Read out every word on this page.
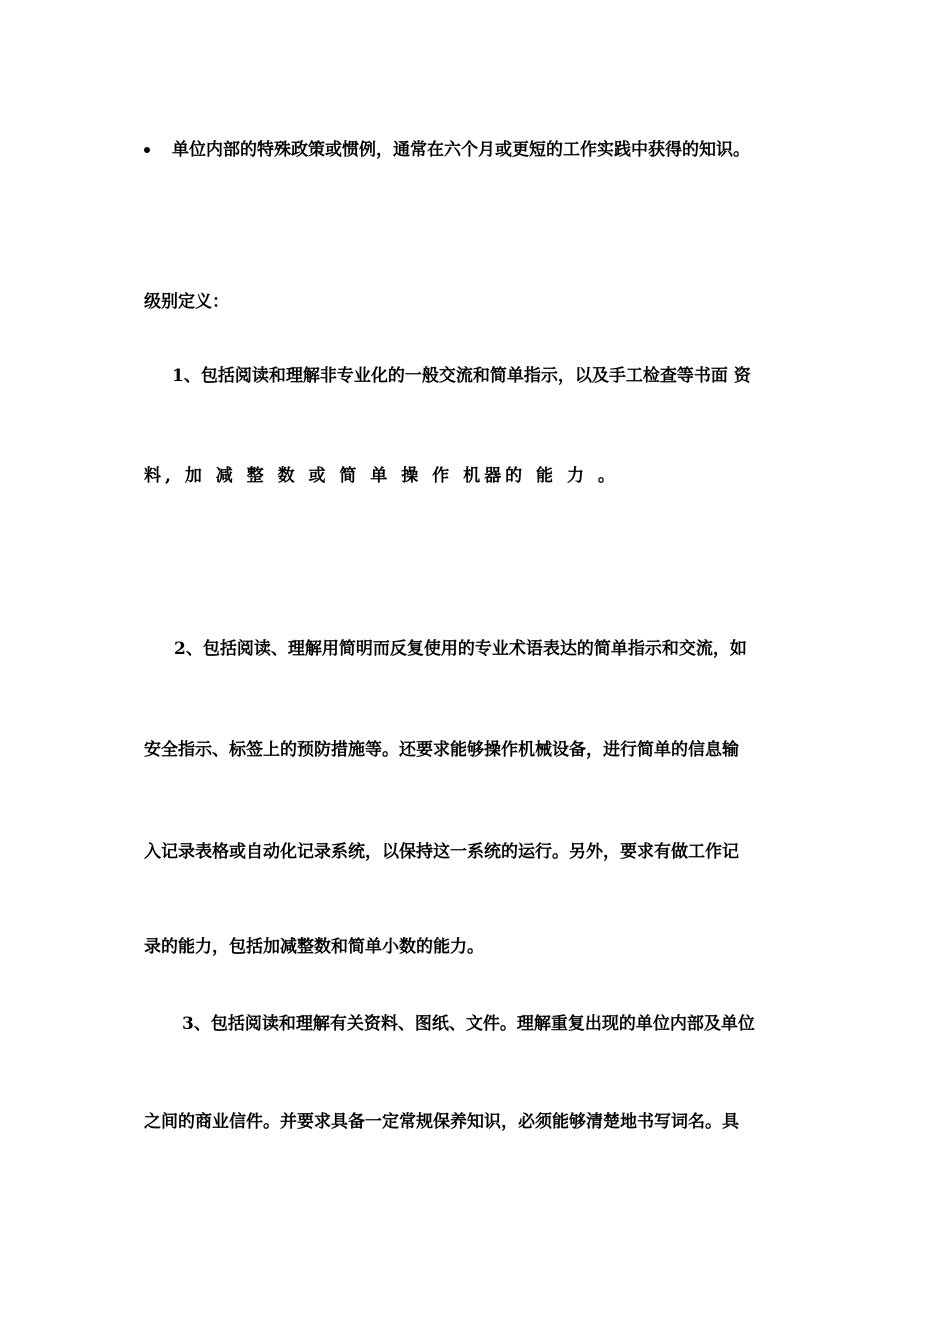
单位内部的特殊政策或惯例，通常在六个月或更短的工作实践中获得的知识。
级别定义：
1、包括阅读和理解非专业化的一般交流和简单指示，以及手工检查等书面 资
料, 加 减 整 数 或 简 单 操 作 机器的 能 力 。
2、包括阅读、理解用简明而反复使用的专业术语表达的简单指示和交流，如
安全指示、标签上的预防措施等。还要求能够操作机械设备，进行简单的信息输
入记录表格或自动化记录系统，以保持这一系统的运行。另外，要求有做工作记
录的能力，包括加减整数和简单小数的能力。
3、包括阅读和理解有关资料、图纸、文件。理解重复出现的单位内部及单位
之间的商业信件。并要求具备一定常规保养知识，必须能够清楚地书写词名。具
